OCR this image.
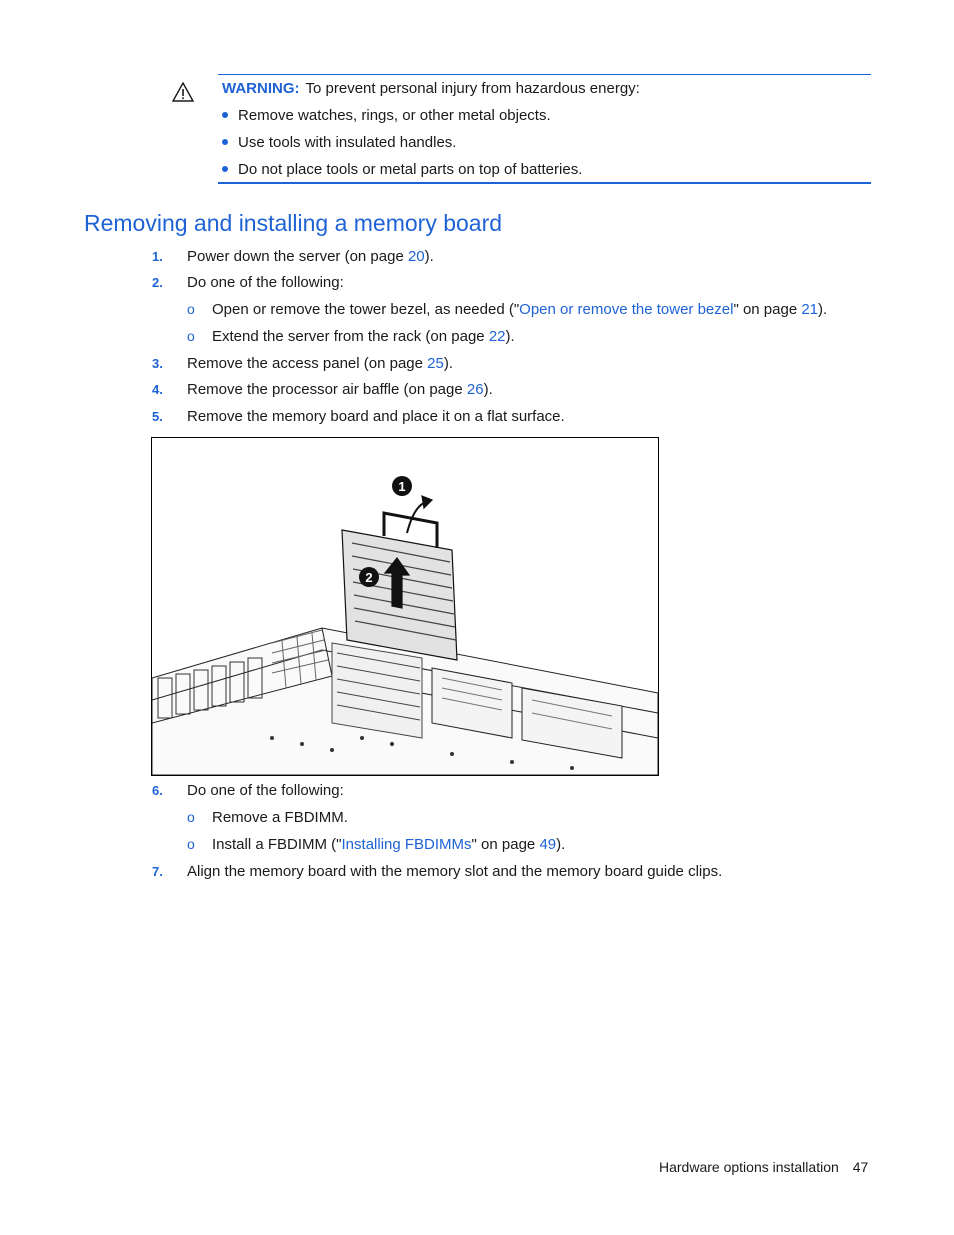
WARNING: To prevent personal injury from hazardous energy:
Remove watches, rings, or other metal objects.
Use tools with insulated handles.
Do not place tools or metal parts on top of batteries.
Removing and installing a memory board
1.	Power down the server (on page 20).
2.	Do one of the following:
o	Open or remove the tower bezel, as needed ("Open or remove the tower bezel" on page 21).
o	Extend the server from the rack (on page 22).
3.	Remove the access panel (on page 25).
4.	Remove the processor air baffle (on page 26).
5.	Remove the memory board and place it on a flat surface.
1
2
6.	Do one of the following:
o	Remove a FBDIMM.
o	Install a FBDIMM ("Installing FBDIMMs" on page 49).
7.	Align the memory board with the memory slot and the memory board guide clips.
Hardware options installation 47
